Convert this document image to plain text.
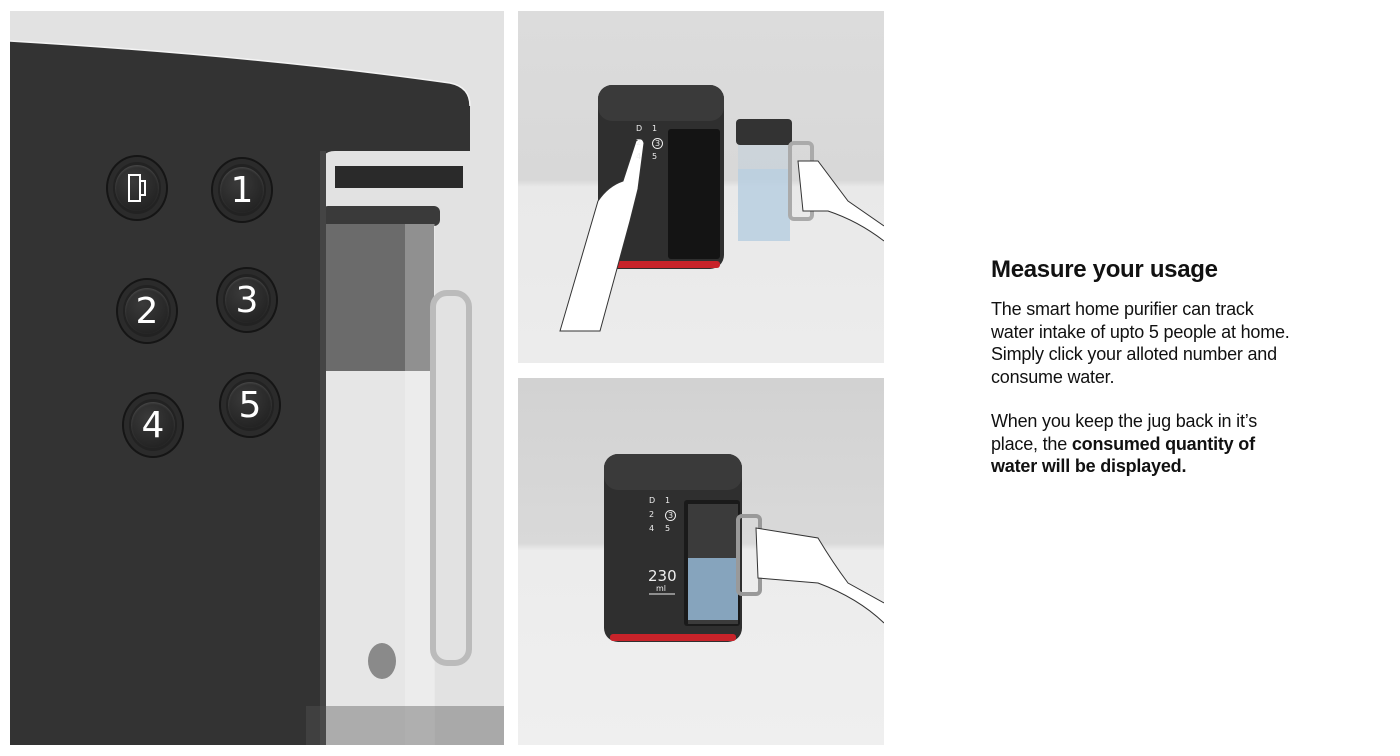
1
2 3
4 5
D 1
2	3
4 5
D 1
2	3
4 5
230
ml
Measure your usage

The smart home purifier can track water intake of upto 5 people at home. Simply click your alloted number and consume water.

When you keep the jug back in it’s place, the consumed quantity of water will be displayed.
